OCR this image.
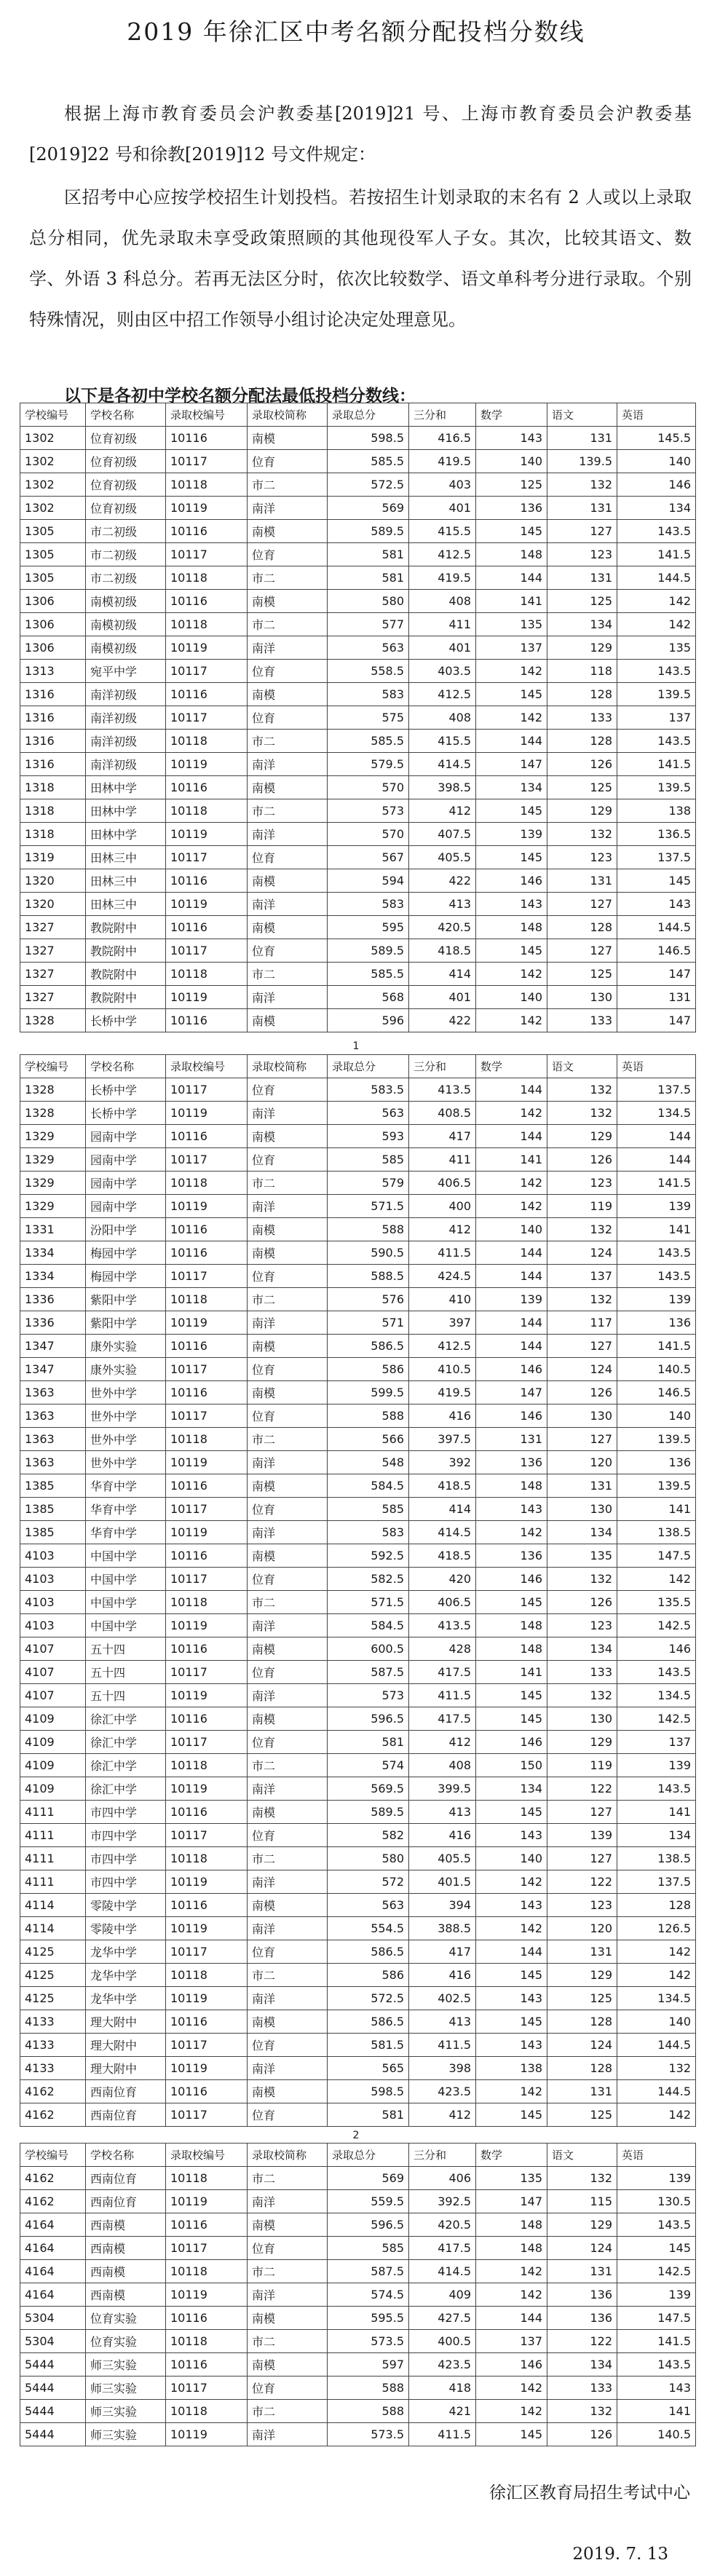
2019 年徐汇区中考名额分配投档分数线

根据上海市教育委员会沪教委基[2019]21 号、上海市教育委员会沪教委基[2019]22 号和徐教[2019]12 号文件规定：

区招考中心应按学校招生计划投档。若按招生计划录取的末名有 2 人或以上录取总分相同，优先录取未享受政策照顾的其他现役军人子女。其次，比较其语文、数学、外语 3 科总分。若再无法区分时，依次比较数学、语文单科考分进行录取。个别特殊情况，则由区中招工作领导小组讨论决定处理意见。

以下是各初中学校名额分配法最低投档分数线：

学校编号	学校名称	录取校编号	录取校简称	录取总分	三分和	数学	语文	英语
1302	位育初级	10116	南模	598.5	416.5	143	131	145.5
1302	位育初级	10117	位育	585.5	419.5	140	139.5	140
1302	位育初级	10118	市二	572.5	403	125	132	146
1302	位育初级	10119	南洋	569	401	136	131	134
1305	市二初级	10116	南模	589.5	415.5	145	127	143.5
1305	市二初级	10117	位育	581	412.5	148	123	141.5
1305	市二初级	10118	市二	581	419.5	144	131	144.5
1306	南模初级	10116	南模	580	408	141	125	142
1306	南模初级	10118	市二	577	411	135	134	142
1306	南模初级	10119	南洋	563	401	137	129	135
1313	宛平中学	10117	位育	558.5	403.5	142	118	143.5
1316	南洋初级	10116	南模	583	412.5	145	128	139.5
1316	南洋初级	10117	位育	575	408	142	133	137
1316	南洋初级	10118	市二	585.5	415.5	144	128	143.5
1316	南洋初级	10119	南洋	579.5	414.5	147	126	141.5
1318	田林中学	10116	南模	570	398.5	134	125	139.5
1318	田林中学	10118	市二	573	412	145	129	138
1318	田林中学	10119	南洋	570	407.5	139	132	136.5
1319	田林三中	10117	位育	567	405.5	145	123	137.5
1320	田林三中	10116	南模	594	422	146	131	145
1320	田林三中	10119	南洋	583	413	143	127	143
1327	教院附中	10116	南模	595	420.5	148	128	144.5
1327	教院附中	10117	位育	589.5	418.5	145	127	146.5
1327	教院附中	10118	市二	585.5	414	142	125	147
1327	教院附中	10119	南洋	568	401	140	130	131
1328	长桥中学	10116	南模	596	422	142	133	147

1

学校编号	学校名称	录取校编号	录取校简称	录取总分	三分和	数学	语文	英语
1328	长桥中学	10117	位育	583.5	413.5	144	132	137.5
1328	长桥中学	10119	南洋	563	408.5	142	132	134.5
1329	园南中学	10116	南模	593	417	144	129	144
1329	园南中学	10117	位育	585	411	141	126	144
1329	园南中学	10118	市二	579	406.5	142	123	141.5
1329	园南中学	10119	南洋	571.5	400	142	119	139
1331	汾阳中学	10116	南模	588	412	140	132	141
1334	梅园中学	10116	南模	590.5	411.5	144	124	143.5
1334	梅园中学	10117	位育	588.5	424.5	144	137	143.5
1336	紫阳中学	10118	市二	576	410	139	132	139
1336	紫阳中学	10119	南洋	571	397	144	117	136
1347	康外实验	10116	南模	586.5	412.5	144	127	141.5
1347	康外实验	10117	位育	586	410.5	146	124	140.5
1363	世外中学	10116	南模	599.5	419.5	147	126	146.5
1363	世外中学	10117	位育	588	416	146	130	140
1363	世外中学	10118	市二	566	397.5	131	127	139.5
1363	世外中学	10119	南洋	548	392	136	120	136
1385	华育中学	10116	南模	584.5	418.5	148	131	139.5
1385	华育中学	10117	位育	585	414	143	130	141
1385	华育中学	10119	南洋	583	414.5	142	134	138.5
4103	中国中学	10116	南模	592.5	418.5	136	135	147.5
4103	中国中学	10117	位育	582.5	420	146	132	142
4103	中国中学	10118	市二	571.5	406.5	145	126	135.5
4103	中国中学	10119	南洋	584.5	413.5	148	123	142.5
4107	五十四	10116	南模	600.5	428	148	134	146
4107	五十四	10117	位育	587.5	417.5	141	133	143.5
4107	五十四	10119	南洋	573	411.5	145	132	134.5
4109	徐汇中学	10116	南模	596.5	417.5	145	130	142.5
4109	徐汇中学	10117	位育	581	412	146	129	137
4109	徐汇中学	10118	市二	574	408	150	119	139
4109	徐汇中学	10119	南洋	569.5	399.5	134	122	143.5
4111	市四中学	10116	南模	589.5	413	145	127	141
4111	市四中学	10117	位育	582	416	143	139	134
4111	市四中学	10118	市二	580	405.5	140	127	138.5
4111	市四中学	10119	南洋	572	401.5	142	122	137.5
4114	零陵中学	10116	南模	563	394	143	123	128
4114	零陵中学	10119	南洋	554.5	388.5	142	120	126.5
4125	龙华中学	10117	位育	586.5	417	144	131	142
4125	龙华中学	10118	市二	586	416	145	129	142
4125	龙华中学	10119	南洋	572.5	402.5	143	125	134.5
4133	理大附中	10116	南模	586.5	413	145	128	140
4133	理大附中	10117	位育	581.5	411.5	143	124	144.5
4133	理大附中	10119	南洋	565	398	138	128	132
4162	西南位育	10116	南模	598.5	423.5	142	131	144.5
4162	西南位育	10117	位育	581	412	145	125	142

2

学校编号	学校名称	录取校编号	录取校简称	录取总分	三分和	数学	语文	英语
4162	西南位育	10118	市二	569	406	135	132	139
4162	西南位育	10119	南洋	559.5	392.5	147	115	130.5
4164	西南模	10116	南模	596.5	420.5	148	129	143.5
4164	西南模	10117	位育	585	417.5	148	124	145
4164	西南模	10118	市二	587.5	414.5	142	131	142.5
4164	西南模	10119	南洋	574.5	409	142	136	139
5304	位育实验	10116	南模	595.5	427.5	144	136	147.5
5304	位育实验	10118	市二	573.5	400.5	137	122	141.5
5444	师三实验	10116	南模	597	423.5	146	134	143.5
5444	师三实验	10117	位育	588	418	142	133	143
5444	师三实验	10118	市二	588	421	142	132	141
5444	师三实验	10119	南洋	573.5	411.5	145	126	140.5

徐汇区教育局招生考试中心

2019. 7. 13
